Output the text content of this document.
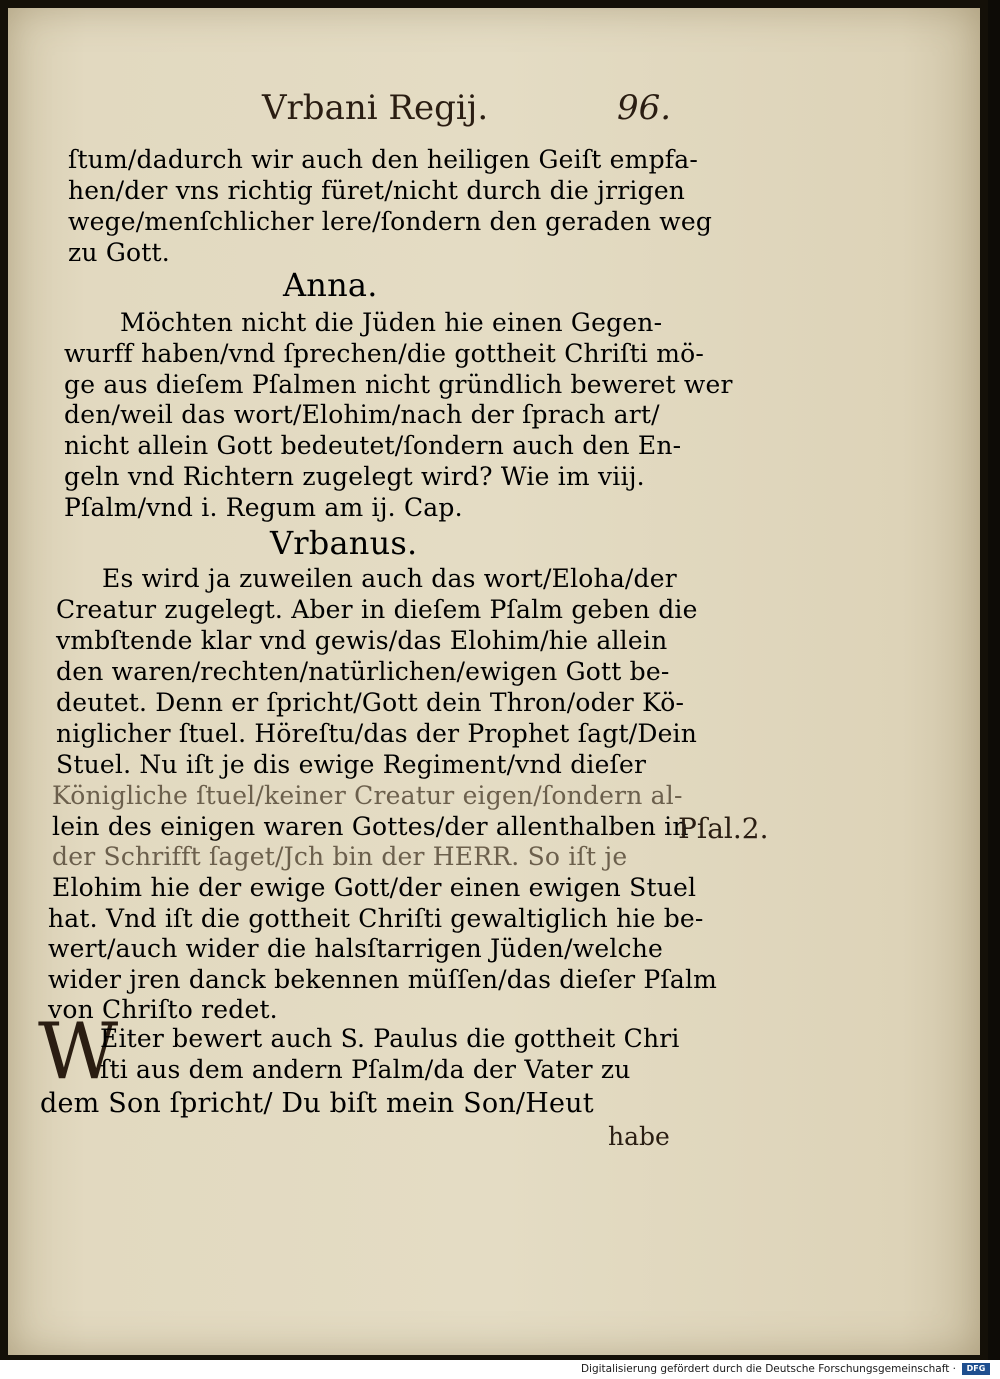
Vrbani Regij.	96.
ſtum/dadurch wir auch den heiligen Geiſt empfa-
hen/der vns richtig füret/nicht durch die jrrigen
wege/menſchlicher lere/ſondern den geraden weg
zu Gott.
Anna.
Möchten nicht die Jüden hie einen Gegen-
wurff haben/vnd ſprechen/die gottheit Chriſti mö-
ge aus dieſem Pſalmen nicht gründlich beweret wer
den/weil das wort/Elohim/nach der ſprach art/
nicht allein Gott bedeutet/ſondern auch den En-
geln vnd Richtern zugelegt wird? Wie im viij.
Pſalm/vnd i. Regum am ij. Cap.
Vrbanus.
Es wird ja zuweilen auch das wort/Eloha/der
Creatur zugelegt. Aber in dieſem Pſalm geben die
vmbſtende klar vnd gewis/das Elohim/hie allein
den waren/rechten/natürlichen/ewigen Gott be-
deutet. Denn er ſpricht/Gott dein Thron/oder Kö-
niglicher ſtuel. Höreſtu/das der Prophet ſagt/Dein
Stuel. Nu iſt je dis ewige Regiment/vnd dieſer
Königliche ſtuel/keiner Creatur eigen/ſondern al-
lein des einigen waren Gottes/der allenthalben in
der Schrifft ſaget/Jch bin der HERR. So iſt je
Elohim hie der ewige Gott/der einen ewigen Stuel
hat. Vnd iſt die gottheit Chriſti gewaltiglich hie be-
wert/auch wider die halsſtarrigen Jüden/welche
wider jren danck bekennen müſſen/das dieſer Pſalm
von Chriſto redet.
Pſal.2.
W
Eiter bewert auch S. Paulus die gottheit Chri
ſti aus dem andern Pſalm/da der Vater zu
dem Son ſpricht/ Du biſt mein Son/Heut
habe
Digitalisierung gefördert durch die Deutsche Forschungsgemeinschaft ·	DFG
